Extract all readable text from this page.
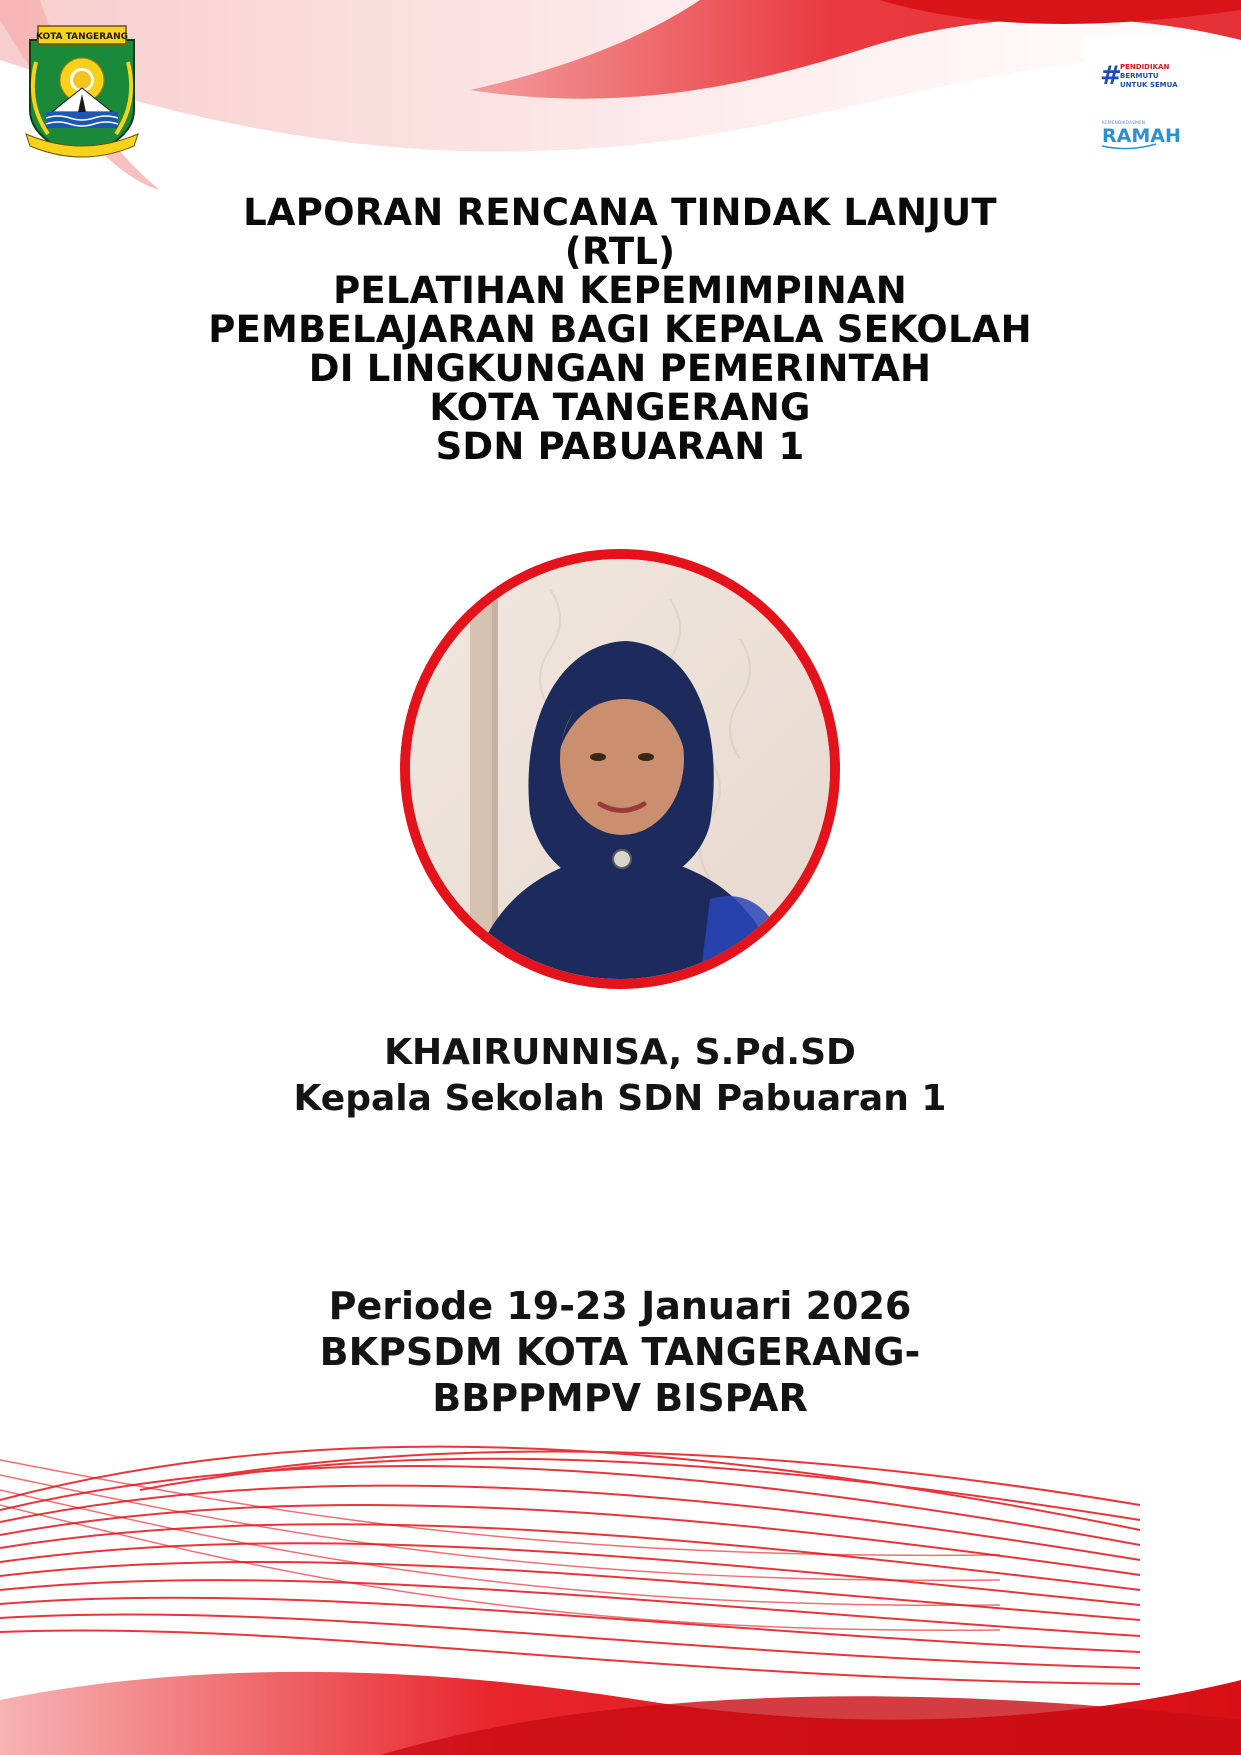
KOTA TANGERANG
#
PENDIDIKAN
BERMUTU
UNTUK SEMUA
KEMENDIKDASMEN
RAMAH
LAPORAN RENCANA TINDAK LANJUT
(RTL)
PELATIHAN KEPEMIMPINAN
PEMBELAJARAN BAGI KEPALA SEKOLAH
DI LINGKUNGAN PEMERINTAH
KOTA TANGERANG
SDN PABUARAN 1
KHAIRUNNISA, S.Pd.SD
Kepala Sekolah SDN Pabuaran 1
Periode 19-23 Januari 2026
BKPSDM KOTA TANGERANG-
BBPPMPV BISPAR
